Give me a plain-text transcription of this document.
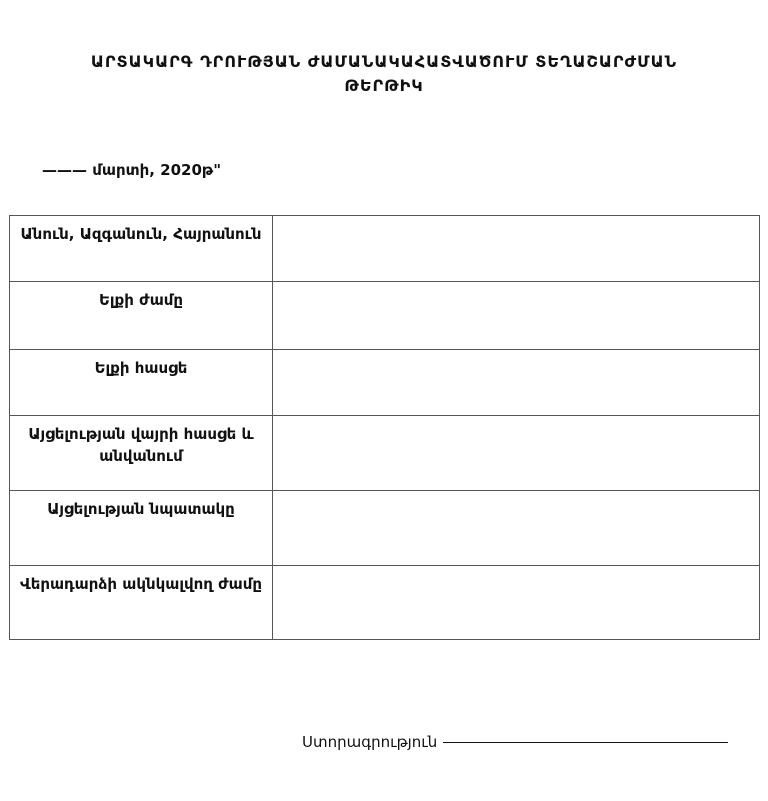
ԱՐՏԱԿԱՐԳ ԴՐՈՒԹՅԱՆ ԺԱՄԱՆԱԿԱՀԱՏՎԱԾՈՒՄ ՏԵՂԱՇԱՐԺՄԱՆ
ԹԵՐԹԻԿ
——— մարտի, 2020թ"
Անուն, Ազգանուն, Հայրանուն	
Ելքի ժամը	
Ելքի հասցե	
Այցելության վայրի հասցե և անվանում	
Այցելության նպատակը	
Վերադարձի ակնկալվող ժամը	
Ստորագրություն
